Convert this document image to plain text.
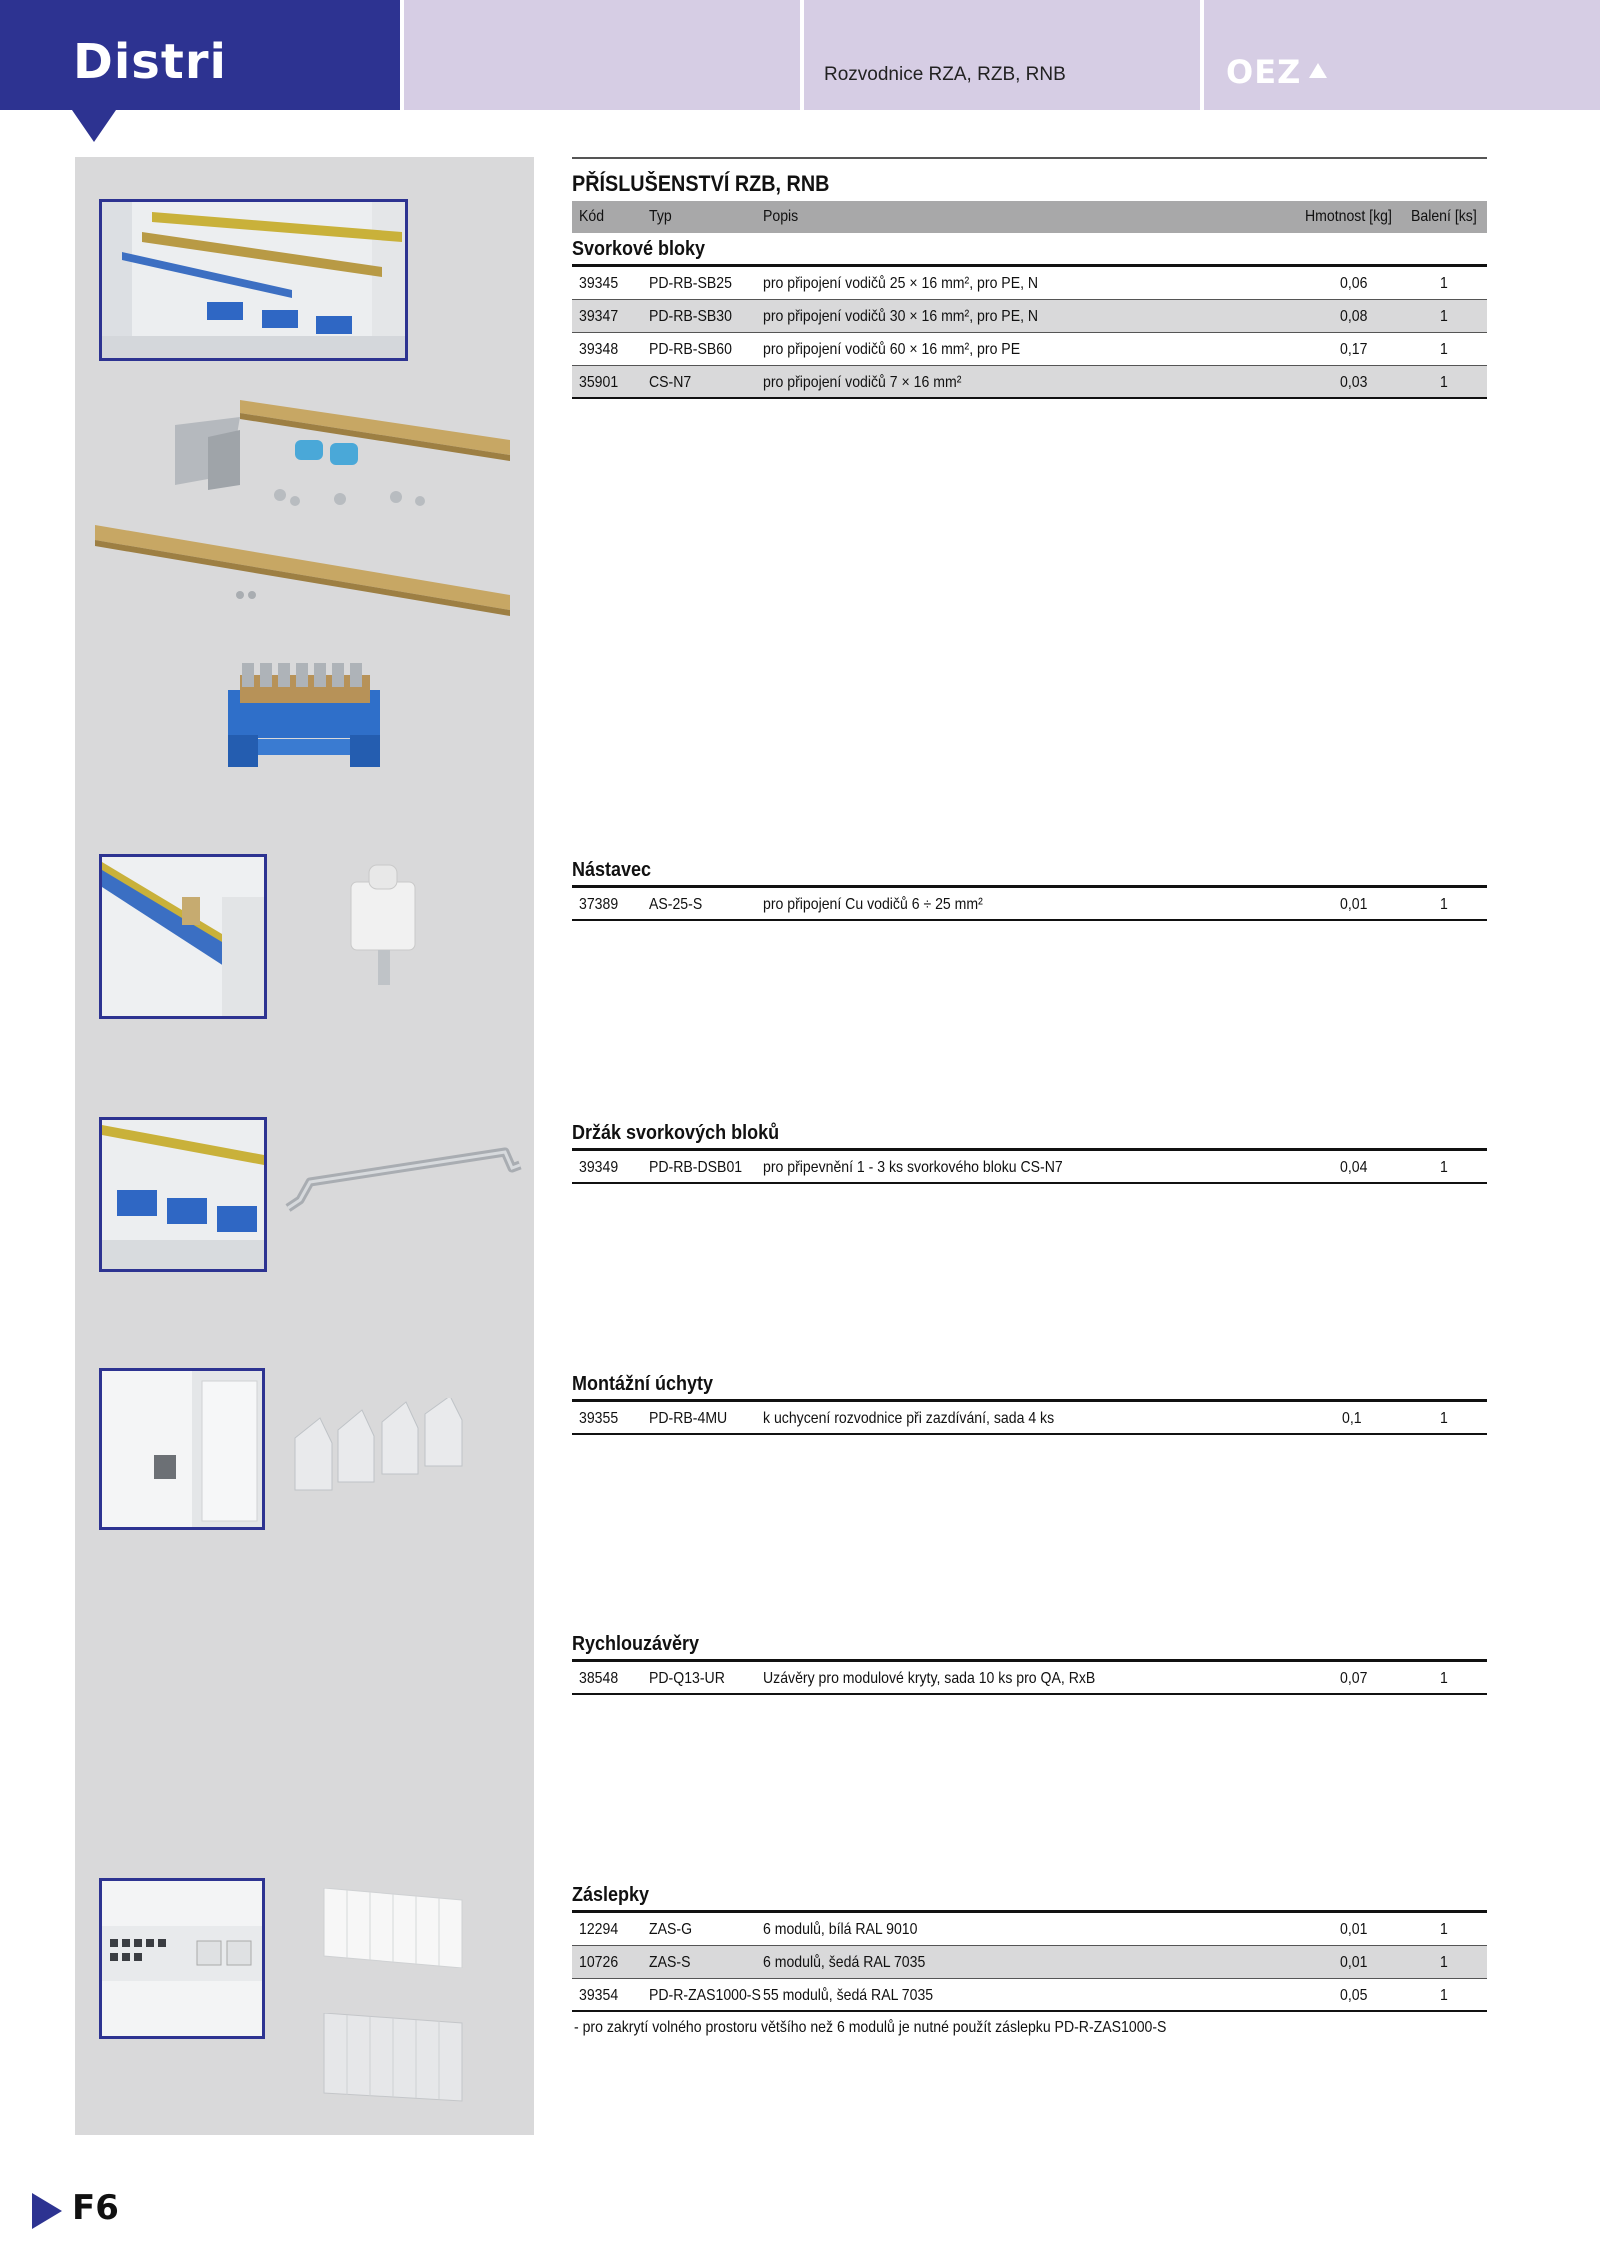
Distri	Rozvodnice RZA, RZB, RNB	OEZ
PŘÍSLUŠENSTVÍ RZB, RNB
Kód	Typ	Popis	Hmotnost [kg] Balení [ks]
Svorkové bloky
39345 PD-RB-SB25 pro připojení vodičů 25 × 16 mm², pro PE, N	0,06	1
39347 PD-RB-SB30 pro připojení vodičů 30 × 16 mm², pro PE, N	0,08	1
39348 PD-RB-SB60 pro připojení vodičů 60 × 16 mm², pro PE	0,17	1
35901 CS-N7	pro připojení vodičů 7 × 16 mm²	0,03	1
Nástavec
37389 AS-25-S	pro připojení Cu vodičů 6 ÷ 25 mm²	0,01	1
Držák svorkových bloků
39349 PD-RB-DSB01 pro připevnění 1 - 3 ks svorkového bloku CS-N7	0,04	1
Montážní úchyty
39355 PD-RB-4MU k uchycení rozvodnice při zazdívání, sada 4 ks	0,1	1
Rychlouzávěry
38548 PD-Q13-UR Uzávěry pro modulové kryty, sada 10 ks pro QA, RxB	0,07	1
Záslepky
12294 ZAS-G	6 modulů, bílá RAL 9010	0,01	1
10726 ZAS-S	6 modulů, šedá RAL 7035	0,01	1
39354 PD-R-ZAS1000-S 55 modulů, šedá RAL 7035	0,05	1
- pro zakrytí volného prostoru většího než 6 modulů je nutné použít záslepku PD-R-ZAS1000-S
F6
